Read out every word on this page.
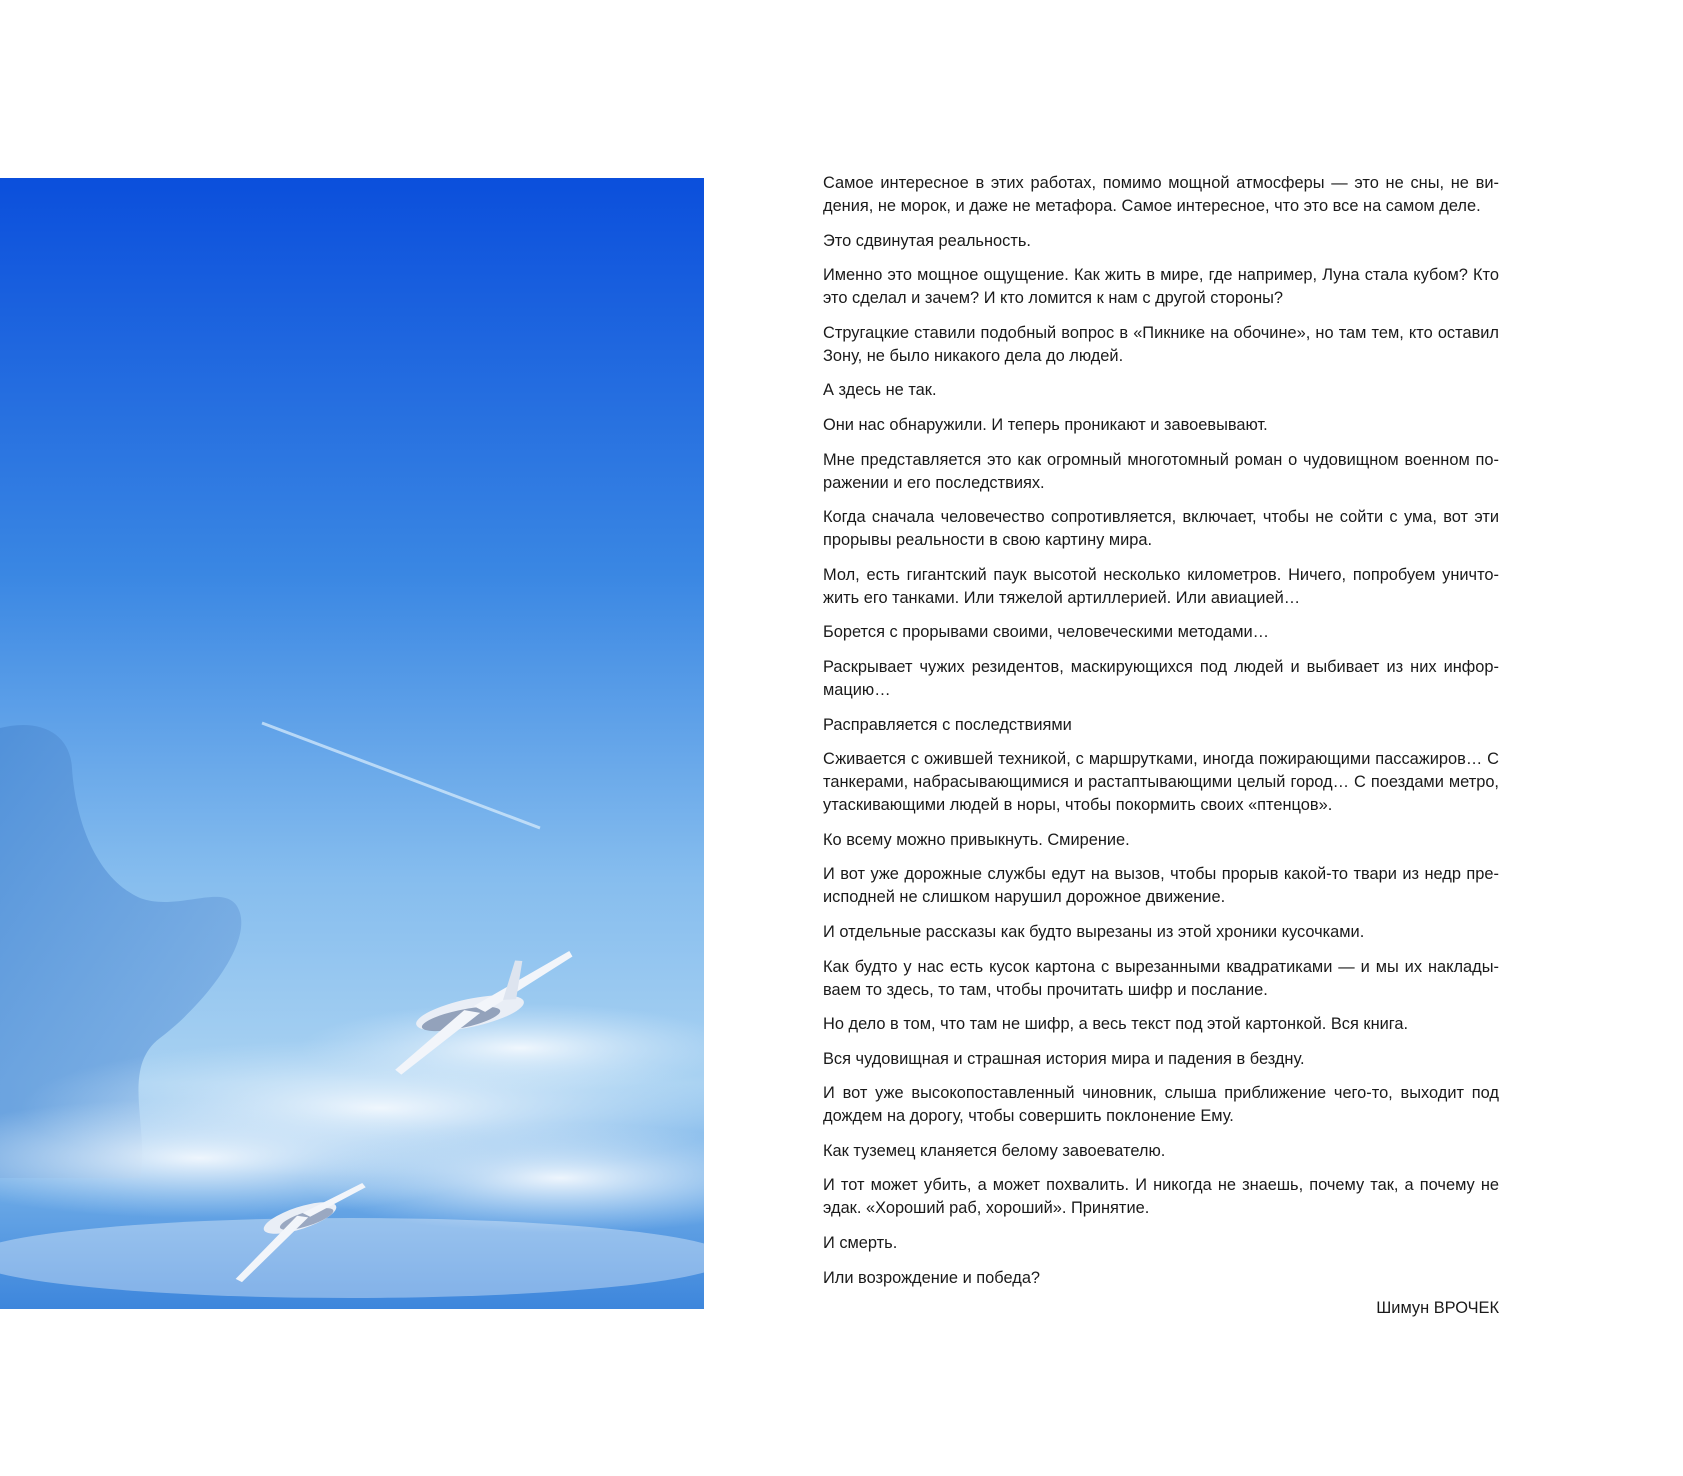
Самое интересное в этих работах, помимо мощной атмосферы — это не сны, не видения, не морок, и даже не метафора. Самое интересное, что это все на самом деле.

Это сдвинутая реальность.

Именно это мощное ощущение. Как жить в мире, где например, Луна стала кубом? Кто это сделал и зачем? И кто ломится к нам с другой стороны?

Стругацкие ставили подобный вопрос в «Пикнике на обочине», но там тем, кто оставил Зону, не было никакого дела до людей.

А здесь не так.

Они нас обнаружили. И теперь проникают и завоевывают.

Мне представляется это как огромный многотомный роман о чудовищном военном поражении и его последствиях.

Когда сначала человечество сопротивляется, включает, чтобы не сойти с ума, вот эти прорывы реальности в свою картину мира.

Мол, есть гигантский паук высотой несколько километров. Ничего, попробуем уничтожить его танками. Или тяжелой артиллерией. Или авиацией…

Борется с прорывами своими, человеческими методами…

Раскрывает чужих резидентов, маскирующихся под людей и выбивает из них информацию…

Расправляется с последствиями

Сживается с ожившей техникой, с маршрутками, иногда пожирающими пассажиров… С танкерами, набрасывающимися и растаптывающими целый город… С поездами метро, утаскивающими людей в норы, чтобы покормить своих «птенцов».

Ко всему можно привыкнуть. Смирение.

И вот уже дорожные службы едут на вызов, чтобы прорыв какой-то твари из недр преисподней не слишком нарушил дорожное движение.

И отдельные рассказы как будто вырезаны из этой хроники кусочками.

Как будто у нас есть кусок картона с вырезанными квадратиками — и мы их накладываем то здесь, то там, чтобы прочитать шифр и послание.

Но дело в том, что там не шифр, а весь текст под этой картонкой. Вся книга.

Вся чудовищная и страшная история мира и падения в бездну.

И вот уже высокопоставленный чиновник, слыша приближение чего-то, выходит под дождем на дорогу, чтобы совершить поклонение Ему.

Как туземец кланяется белому завоевателю.

И тот может убить, а может похвалить. И никогда не знаешь, почему так, а почему не эдак. «Хороший раб, хороший». Принятие.

И смерть.

Или возрождение и победа?

Шимун ВРОЧЕК
